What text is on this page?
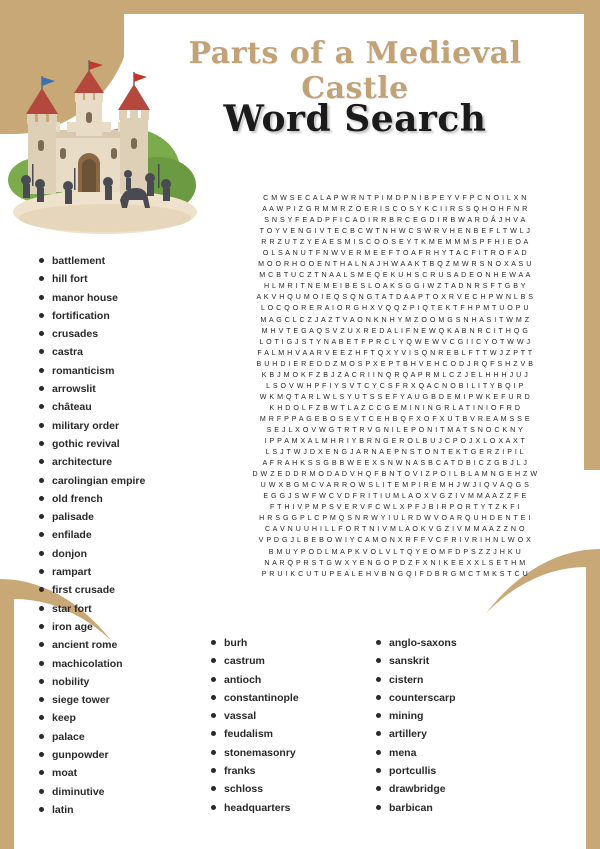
Parts of a Medieval Castle
Word Search
C M W S E C A L A P W R N T P I M D P N I B P E Y V F P C N O I L X N
A A W P I Z G R M M R Z O E R I S C O S Y K C I I R S S Q H O H F N R
S N S Y F E A D P F I C A D I R R B R C E G D I R B W A R D Â J H V A
T O Y V E N G I V T E C B C W T N H W C S W R V H E N B E F L T W L J
R R Z U T Z Y E A E S M I S C O O S E Y T K M E M M M S P F H I E O A
O L S A N U T F N W V E R M E E F T O A F R H Y T A C F I T R O F A D
M O O R H O O E N T H A L N A J H W A A K T B Q Z M W R S N O X A S U
M C B T U C Z T N A A L S M E Q E K U H S C R U S A D E O N H E W A A
H L M R I T N E M E I B E S L O A K S G G I W Z T A D N R S F T G B Y
A K V H Q U M O I E Q S Q N G T A T D A A P T O X R V E C H P W N L B S
L O C Q O R E R A I O R G H X V Q Q Z P I Q T E K T F H P M T U O P U
M A G C L C Z J A Z T V A O N K N H Y M Z O O M G S N H A S I T W M Z
M H V T E G A Q S V Z U X R E D A L I F N E W Q K A B N R C I T H Q G
L O T I G J S T Y N A B E T F P R C L Y Q W E W V C G I I C Y O T W W J
F A L M H V A A R V E E Z H F T Q X Y V I S Q N R E B L F T T W J Z P T T
B U H D I E R E D D Z M O S P X E P T B H V E H C O D J R Q F S H Z V B
K B J M O K F Z B J Z A C R I I N Q R Q A P R M L C Z J E L H H H J U J
L S O V W H P F I Y S V T C Y C S F R X Q A C N O B I L I T Y B Q I P
W K M Q T A R L W L S Y U T S S E F Y A U G B D E M I P W K E F U R D
K H D O L F Z B W T L A Z C C G E M I N I N G R L A T I N I O F R D
M R F P P A G E B O S E V T C E H B Q F X O F X U T B V R E A M S S E
S E J L X O V W G T R T R V G N I L E P O N I T M A T S N O C K N Y
I P P A M X A L M H R I Y B R N G E R O L B U J C P O J X L O X A X T
L S J T W J D X E N G J A R N A E P N S T O N T E K T G E R Z I P I L
A F R A H K S S G B B W E E X S N W N A S B C A T D B I C Z G B J L J
D W Z E D D R M O D A D V H Q F B N T O V I Z P O I L B L A M N G E H Z W
U W X B G M C V A R R O W S L I T E M P I R E M H J W J I Q V A Q G S
E G G J S W F W C V D F R I T I U M L A O X V G Z I V M M A A Z Z F E
F T H I V P M P S V E R V F C W L X P F J B I R P O R T Y T Z K F I
H R S G G P L C P M Q S N R W Y I U L R D W V O A R Q U H D E N T E I
C A V N U U H I L L F O R T N I V M L A O K V G Z I V M M A A Z Z N O
V P D G J L B E B O W I Y C A M O N X R F F V C F R I V R I H N L W O X
B M U Y P O D L M A P K V O L V L T Q Y E O M F D P S Z Z J H K U
N A R Q P R S T G W X Y E N G O P D Z F X N I K E E X X L S E T H M
P R U I K C U T U P E A L E H V B N G Q I F D B R G M C T M K S T C U
battlement
hill fort
manor house
fortification
crusades
castra
romanticism
arrowslit
château
military order
gothic revival
architecture
carolingian empire
old french
palisade
enfilade
donjon
rampart
first crusade
star fort
iron age
ancient rome
machicolation
nobility
siege tower
keep
palace
gunpowder
moat
diminutive
latin
burh
castrum
antioch
constantinople
vassal
feudalism
stonemasonry
franks
schloss
headquarters
anglo-saxons
sanskrit
cistern
counterscarp
mining
artillery
mena
portcullis
drawbridge
barbican
